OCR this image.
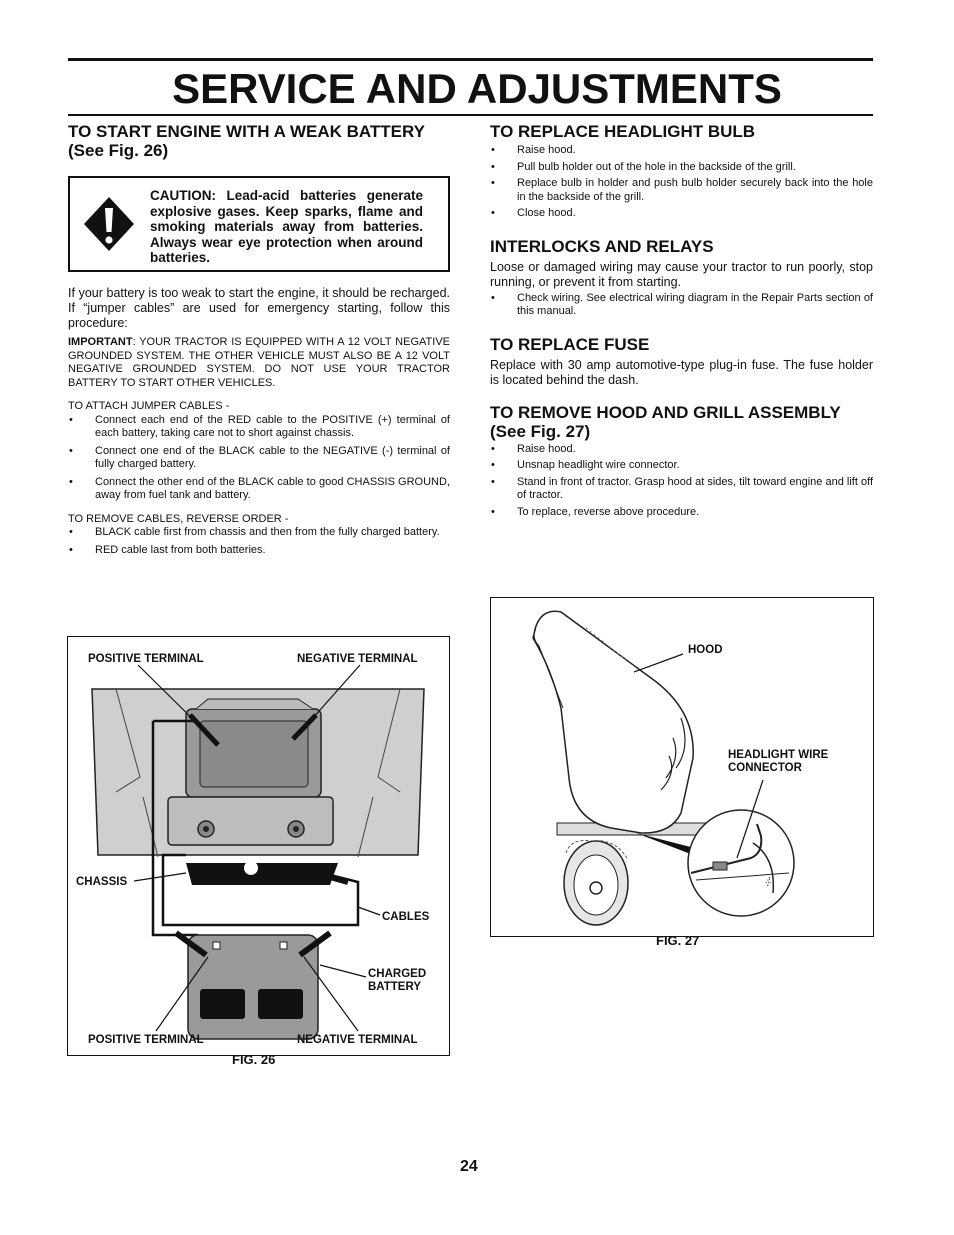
SERVICE AND ADJUSTMENTS
TO START ENGINE WITH A WEAK BATTERY
(See Fig. 26)
CAUTION: Lead-acid batteries generate explosive gases. Keep sparks, flame and smoking materials away from batteries. Always wear eye protection when around batteries.

If your battery is too weak to start the engine, it should be recharged. If “jumper cables” are used for emergency starting, follow this procedure:

IMPORTANT: YOUR TRACTOR IS EQUIPPED WITH A 12 VOLT NEGATIVE GROUNDED SYSTEM. THE OTHER VEHICLE MUST ALSO BE A 12 VOLT NEGATIVE GROUNDED SYSTEM. DO NOT USE YOUR TRACTOR BATTERY TO START OTHER VEHICLES.

TO ATTACH JUMPER CABLES -

• Connect each end of the RED cable to the POSITIVE (+) terminal of each battery, taking care not to short against chassis.
• Connect one end of the BLACK cable to the NEGATIVE (-) terminal of fully charged battery.
• Connect the other end of the BLACK cable to good CHASSIS GROUND, away from fuel tank and battery.

TO REMOVE CABLES, REVERSE ORDER -

• BLACK cable first from chassis and then from the fully charged battery.
• RED cable last from both batteries.
TO REPLACE HEADLIGHT BULB
• Raise hood.
• Pull bulb holder out of the hole in the backside of the grill.
• Replace bulb in holder and push bulb holder securely back into the hole in the backside of the grill.
• Close hood.
INTERLOCKS AND RELAYS

Loose or damaged wiring may cause your tractor to run poorly, stop running, or prevent it from starting.

• Check wiring. See electrical wiring diagram in the Repair Parts section of this manual.
TO REPLACE FUSE

Replace with 30 amp automotive-type plug-in fuse. The fuse holder is located behind the dash.

TO REMOVE HOOD AND GRILL ASSEMBLY
(See Fig. 27)
• Raise hood.
• Unsnap headlight wire connector.
• Stand in front of tractor. Grasp hood at sides, tilt toward engine and lift off of tractor.
• To replace, reverse above procedure.
POSITIVE TERMINAL	NEGATIVE TERMINAL
CHASSIS
CABLES
CHARGED
BATTERY
POSITIVE TERMINAL	NEGATIVE TERMINAL
FIG. 26
HOOD
HEADLIGHT WIRE
CONNECTOR
FIG. 27
24
